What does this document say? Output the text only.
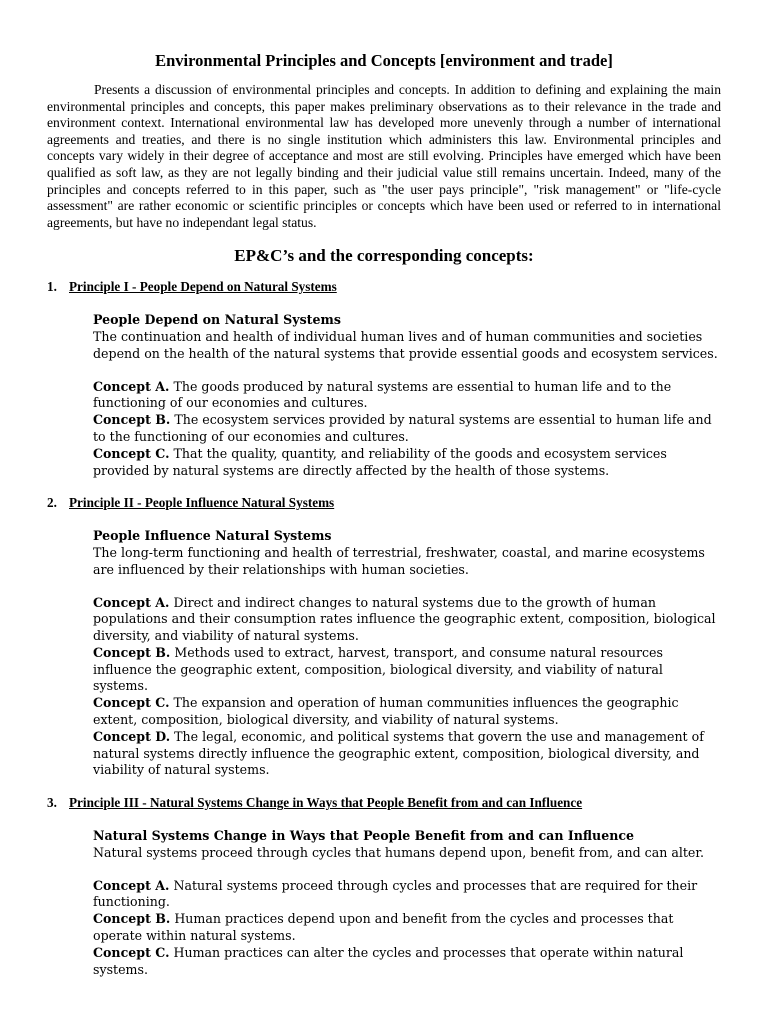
Environmental Principles and Concepts [environment and trade]

Presents a discussion of environmental principles and concepts. In addition to defining and explaining the main environmental principles and concepts, this paper makes preliminary observations as to their relevance in the trade and environment context. International environmental law has developed more unevenly through a number of international agreements and treaties, and there is no single institution which administers this law. Environmental principles and concepts vary widely in their degree of acceptance and most are still evolving. Principles have emerged which have been qualified as soft law, as they are not legally binding and their judicial value still remains uncertain. Indeed, many of the principles and concepts referred to in this paper, such as "the user pays principle", "risk management" or "life-cycle assessment" are rather economic or scientific principles or concepts which have been used or referred to in international agreements, but have no independant legal status.

EP&C’s and the corresponding concepts:
1. Principle I - People Depend on Natural Systems
People Depend on Natural Systems
The continuation and health of individual human lives and of human communities and societies depend on the health of the natural systems that provide essential goods and ecosystem services.
Concept A. The goods produced by natural systems are essential to human life and to the functioning of our economies and cultures.
Concept B. The ecosystem services provided by natural systems are essential to human life and to the functioning of our economies and cultures.
Concept C. That the quality, quantity, and reliability of the goods and ecosystem services provided by natural systems are directly affected by the health of those systems.
2. Principle II - People Influence Natural Systems
People Influence Natural Systems
The long-term functioning and health of terrestrial, freshwater, coastal, and marine ecosystems are influenced by their relationships with human societies.
Concept A. Direct and indirect changes to natural systems due to the growth of human populations and their consumption rates influence the geographic extent, composition, biological diversity, and viability of natural systems.
Concept B. Methods used to extract, harvest, transport, and consume natural resources influence the geographic extent, composition, biological diversity, and viability of natural systems.
Concept C. The expansion and operation of human communities influences the geographic extent, composition, biological diversity, and viability of natural systems.
Concept D. The legal, economic, and political systems that govern the use and management of natural systems directly influence the geographic extent, composition, biological diversity, and viability of natural systems.
3. Principle III - Natural Systems Change in Ways that People Benefit from and can Influence
Natural Systems Change in Ways that People Benefit from and can Influence
Natural systems proceed through cycles that humans depend upon, benefit from, and can alter.
Concept A. Natural systems proceed through cycles and processes that are required for their functioning.
Concept B. Human practices depend upon and benefit from the cycles and processes that operate within natural systems.
Concept C. Human practices can alter the cycles and processes that operate within natural systems.
